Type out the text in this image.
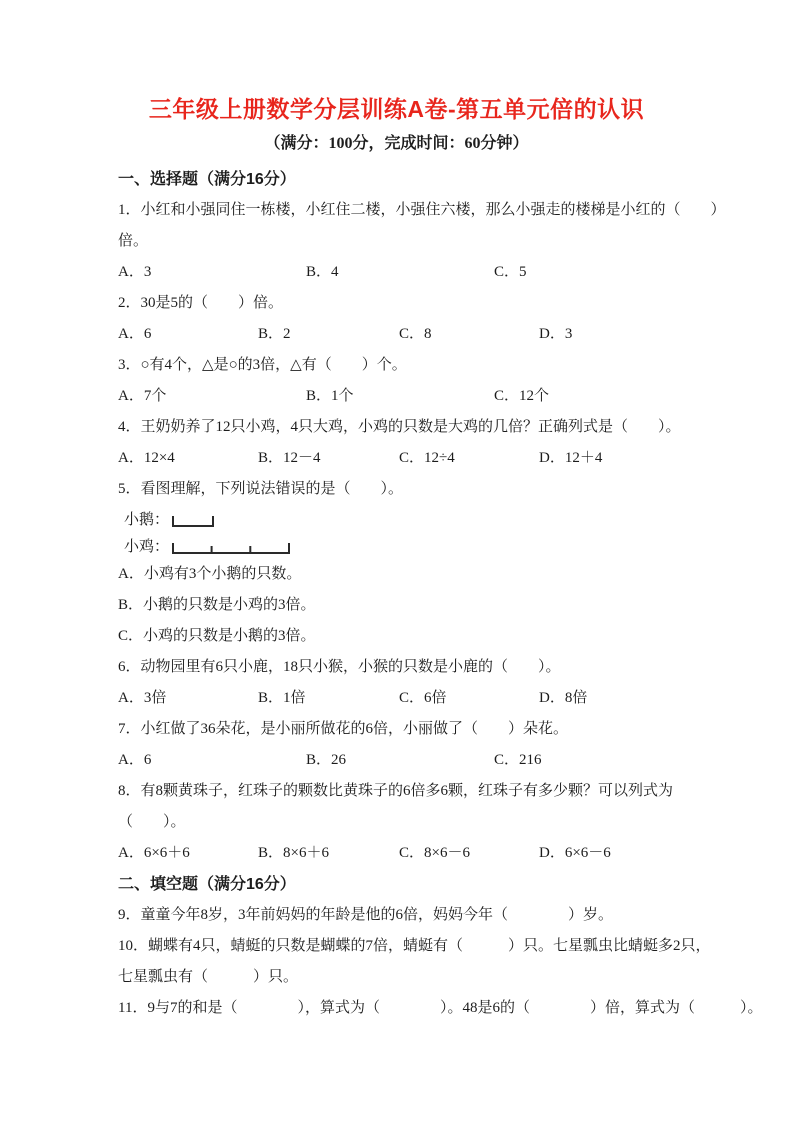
三年级上册数学分层训练A卷-第五单元倍的认识
（满分：100分，完成时间：60分钟）
一、选择题（满分16分）
1．小红和小强同住一栋楼，小红住二楼，小强住六楼，那么小强走的楼梯是小红的（　　）
倍。
A．3	B．4	C．5
2．30是5的（　　）倍。
A．6	B．2	C．8	D．3
3．○有4个，△是○的3倍，△有（　　）个。
A．7个	B．1个	C．12个
4．王奶奶养了12只小鸡，4只大鸡，小鸡的只数是大鸡的几倍？正确列式是（　　）。
A．12×4	B．12－4	C．12÷4	D．12＋4
5．看图理解，下列说法错误的是（　　）。
小鹅：
小鸡：
A．小鸡有3个小鹅的只数。
B．小鹅的只数是小鸡的3倍。
C．小鸡的只数是小鹅的3倍。
6．动物园里有6只小鹿，18只小猴，小猴的只数是小鹿的（　　）。
A．3倍	B．1倍	C．6倍	D．8倍
7．小红做了36朵花，是小丽所做花的6倍，小丽做了（　　）朵花。
A．6	B．26	C．216
8．有8颗黄珠子，红珠子的颗数比黄珠子的6倍多6颗，红珠子有多少颗？可以列式为
（　　）。
A．6×6＋6	B．8×6＋6	C．8×6－6	D．6×6－6
二、填空题（满分16分）
9．童童今年8岁，3年前妈妈的年龄是他的6倍，妈妈今年（　　　　）岁。
10．蝴蝶有4只，蜻蜓的只数是蝴蝶的7倍，蜻蜓有（　　　）只。七星瓢虫比蜻蜓多2只，
七星瓢虫有（　　　）只。
11．9与7的和是（　　　　），算式为（　　　　）。48是6的（　　　　）倍，算式为（　　　）。
